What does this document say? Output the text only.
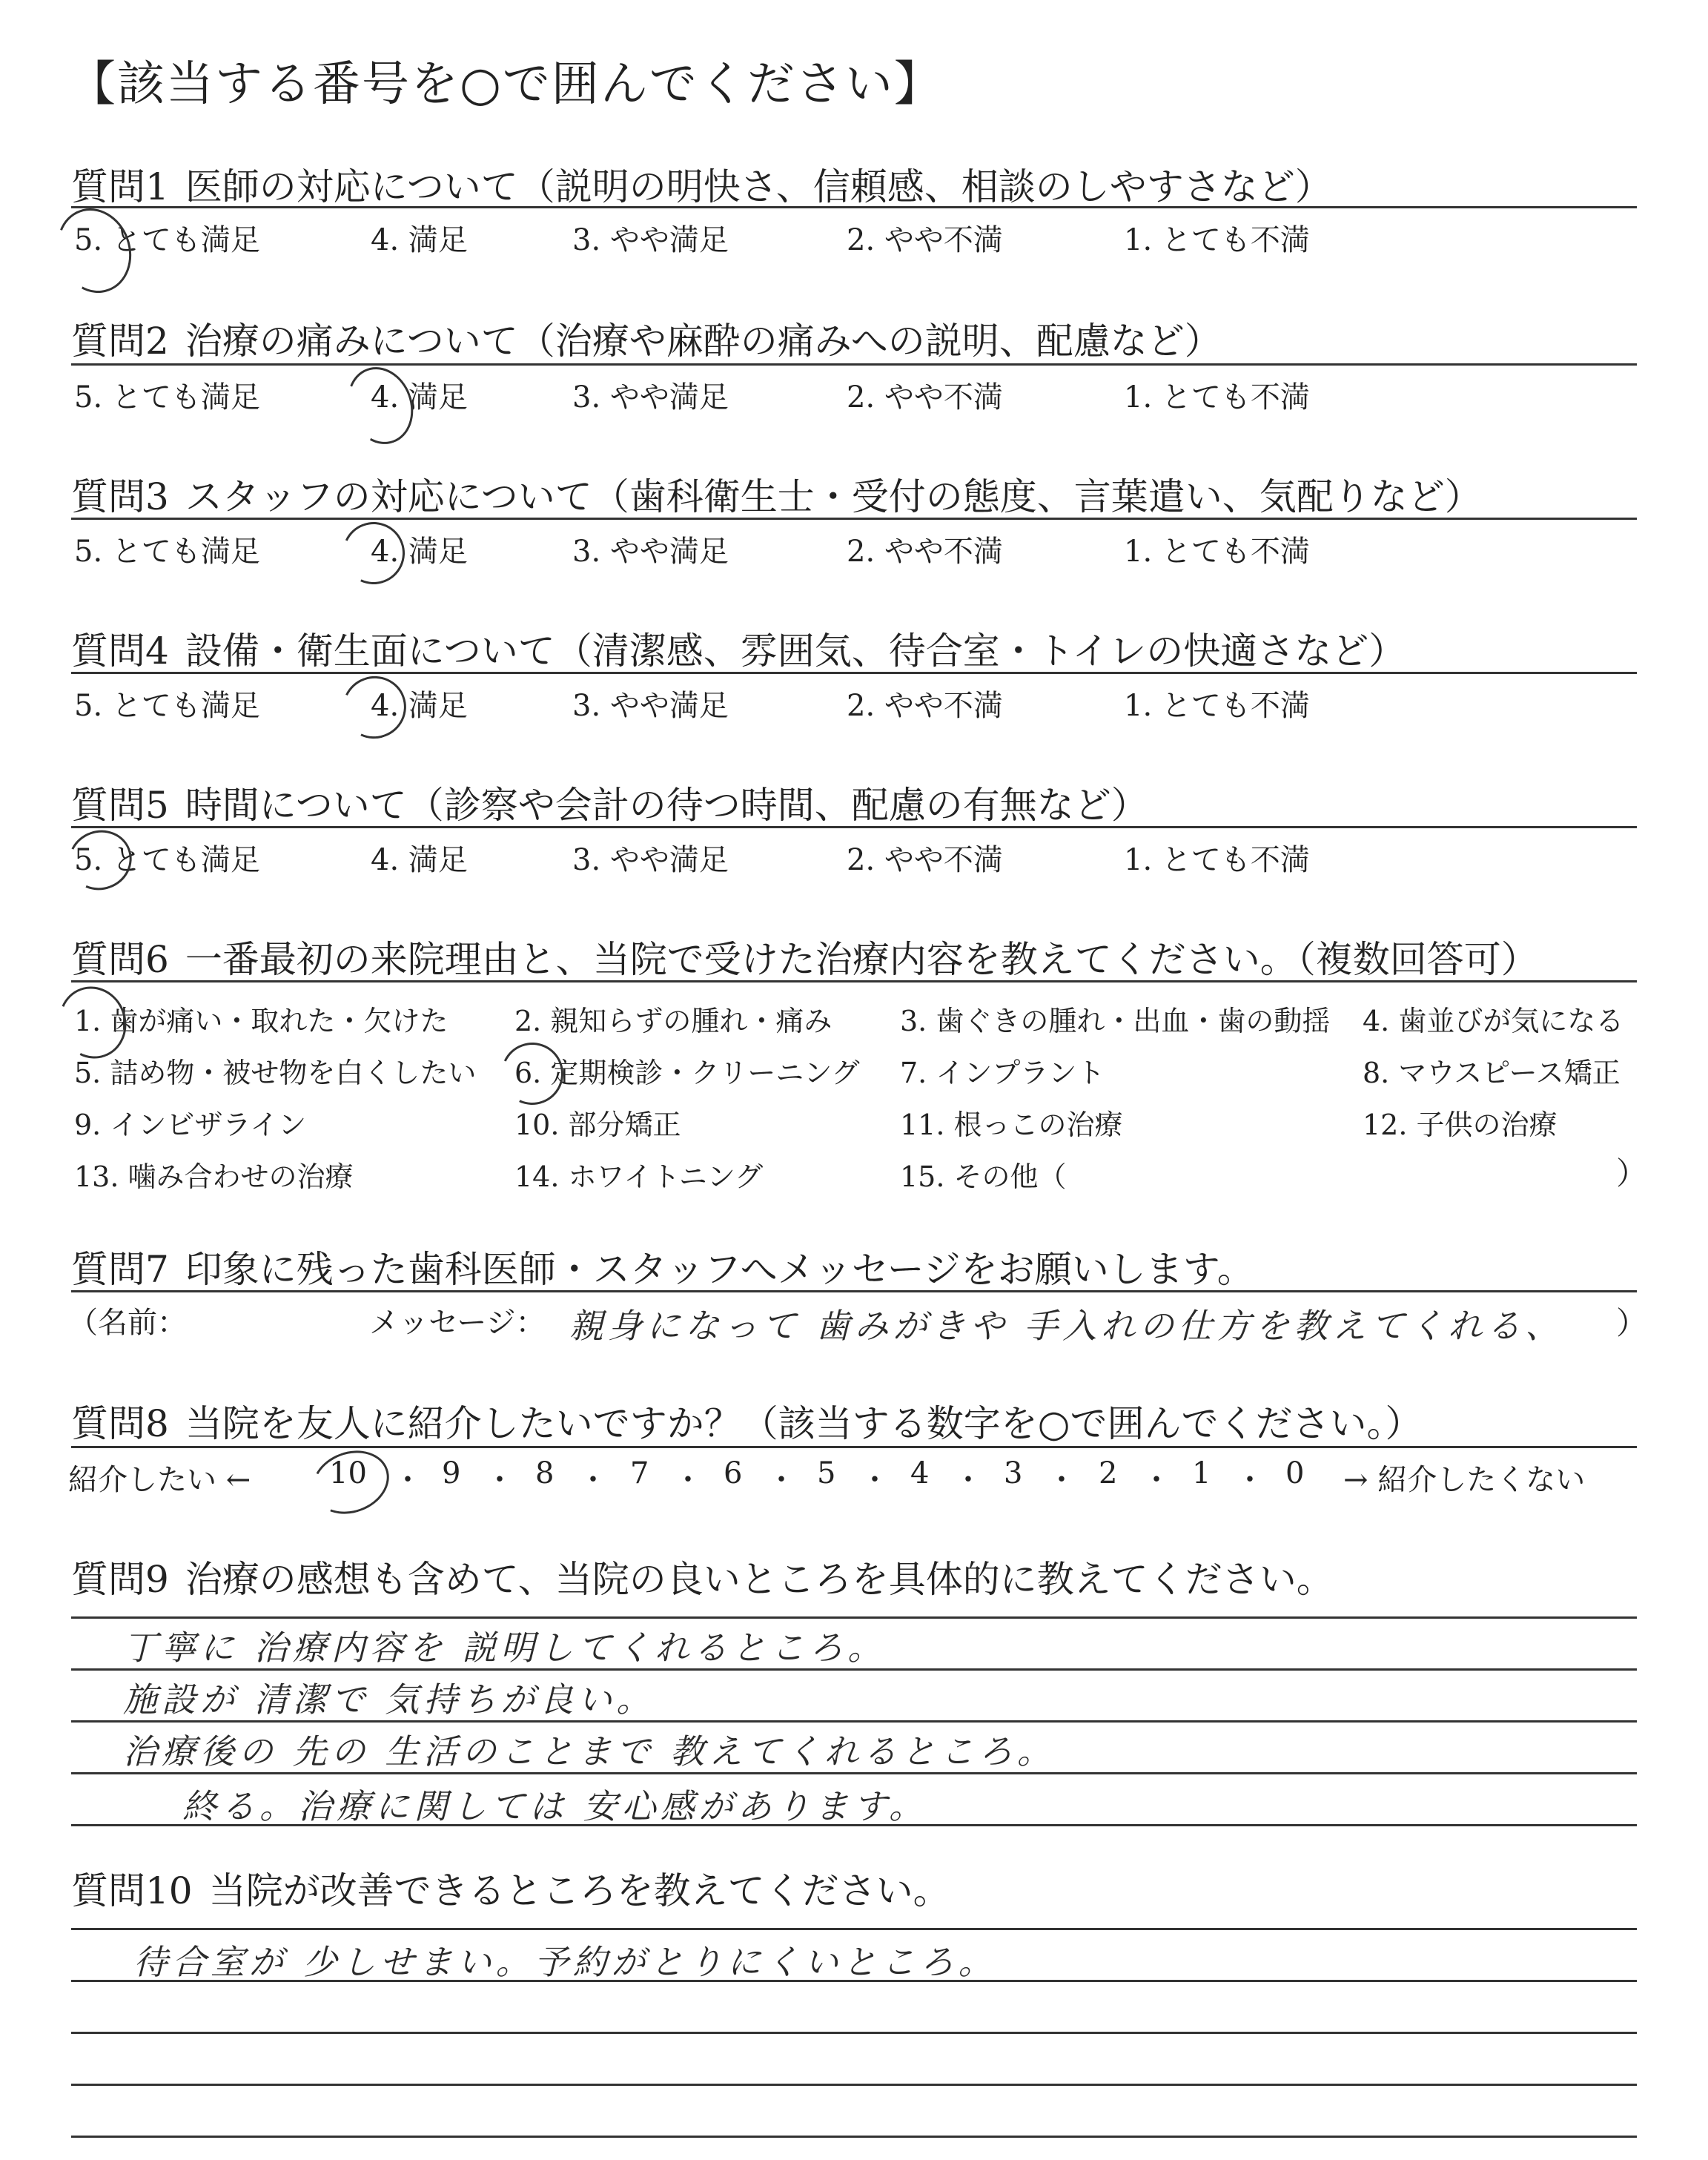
【該当する番号を○で囲んでください】
質問1 医師の対応について（説明の明快さ、信頼感、相談のしやすさなど）
5. とても満足	4. 満足	3. やや満足	2. やや不満	1. とても不満
質問2 治療の痛みについて（治療や麻酔の痛みへの説明、配慮など）
5. とても満足	4. 満足	3. やや満足	2. やや不満	1. とても不満
質問3 スタッフの対応について（歯科衛生士・受付の態度、言葉遣い、気配りなど）
5. とても満足	4. 満足	3. やや満足	2. やや不満	1. とても不満
質問4 設備・衛生面について（清潔感、雰囲気、待合室・トイレの快適さなど）
5. とても満足	4. 満足	3. やや満足	2. やや不満	1. とても不満
質問5 時間について（診察や会計の待つ時間、配慮の有無など）
5. とても満足	4. 満足	3. やや満足	2. やや不満	1. とても不満
質問6 一番最初の来院理由と、当院で受けた治療内容を教えてください。（複数回答可）
1. 歯が痛い・取れた・欠けた 2. 親知らずの腫れ・痛み 3. 歯ぐきの腫れ・出血・歯の動揺 4. 歯並びが気になる
5. 詰め物・被せ物を白くしたい 6. 定期検診・クリーニング 7. インプラント	8. マウスピース矯正
9. インビザライン	10. 部分矯正	11. 根っこの治療	12. 子供の治療
13. 噛み合わせの治療	14. ホワイトニング	15. その他（	）
質問7 印象に残った歯科医師・スタッフへメッセージをお願いします。
（名前：	メッセージ： 親身になって 歯みがきや 手入れの仕方を教えてくれる、 ）
質問8 当院を友人に紹介したいですか？（該当する数字を○で囲んでください。）
紹介したい ←	→ 紹介したくない
10 ・ 9 ・ 8 ・ 7 ・ 6 ・ 5 ・ 4 ・ 3 ・ 2 ・ 1 ・ 0
質問9 治療の感想も含めて、当院の良いところを具体的に教えてください。
丁寧に 治療内容を 説明してくれるところ。
施設が 清潔で 気持ちが良い。
治療後の 先の 生活のことまで 教えてくれるところ。
終る。治療に関しては 安心感があります。
質問10 当院が改善できるところを教えてください。
待合室が 少しせまい。予約がとりにくいところ。
